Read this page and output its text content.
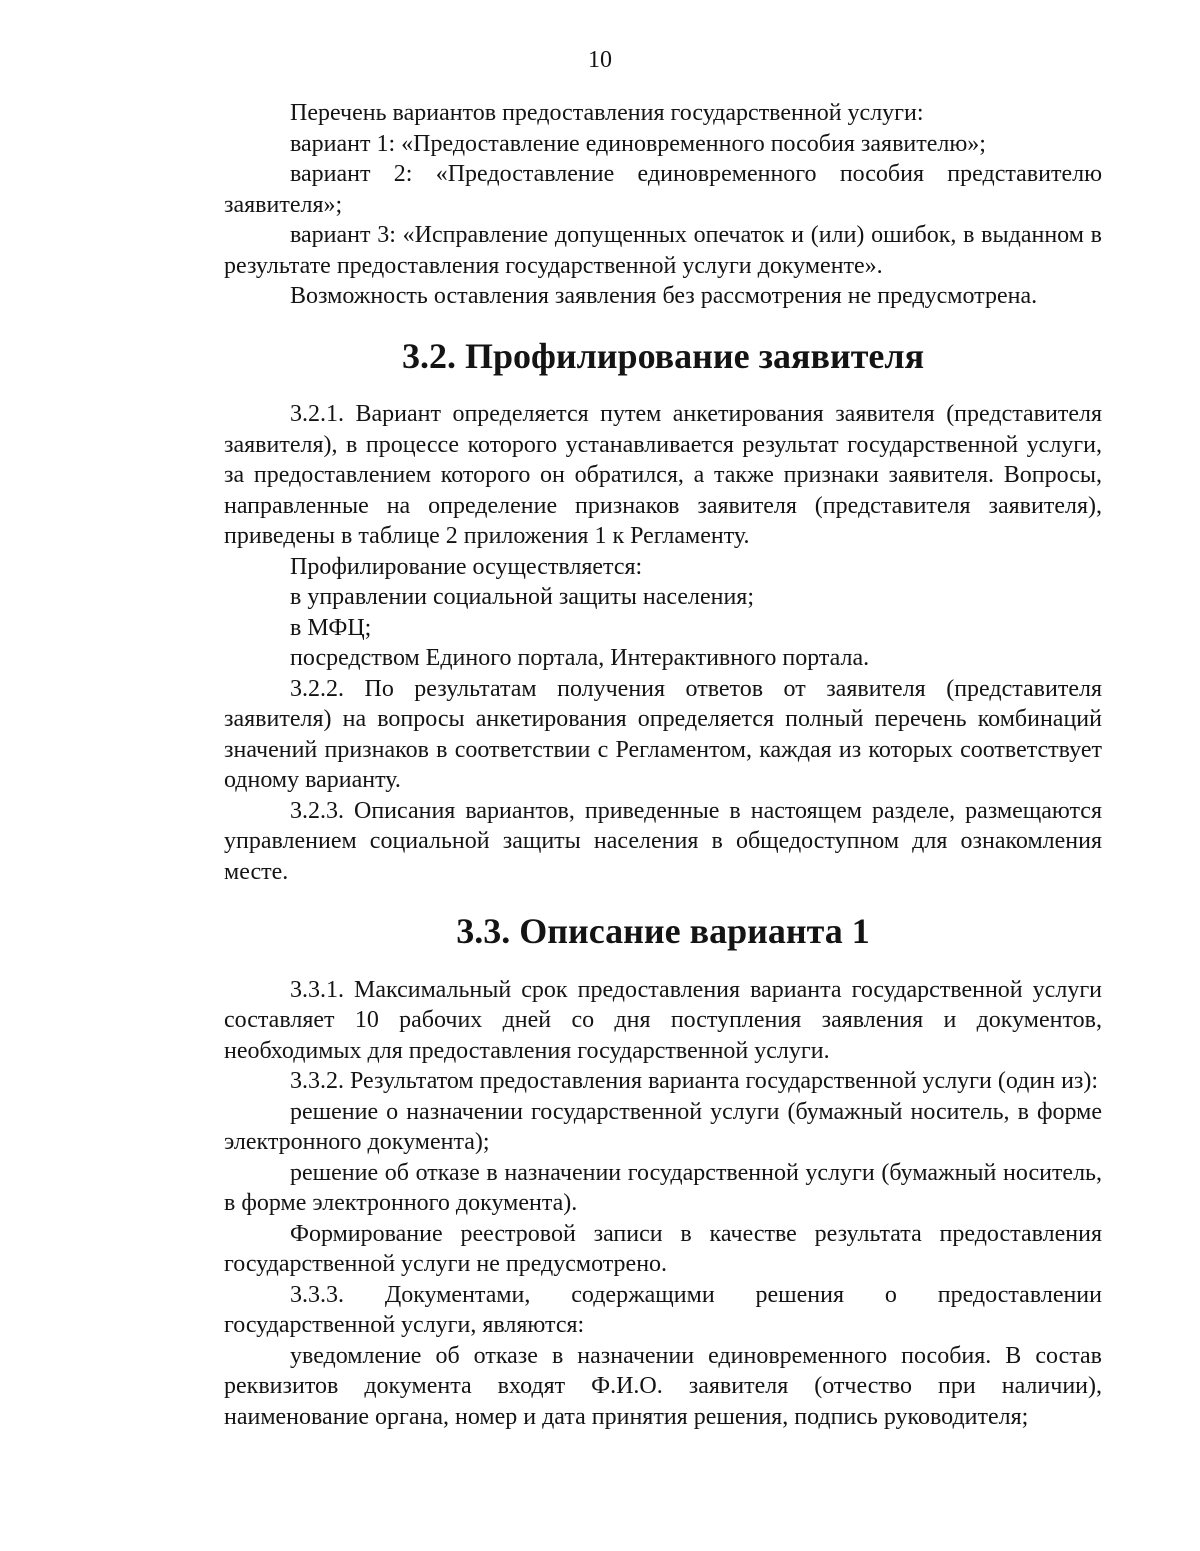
10

Перечень вариантов предоставления государственной услуги:

вариант 1: «Предоставление единовременного пособия заявителю»;

вариант 2: «Предоставление единовременного пособия представителю заявителя»;

вариант 3: «Исправление допущенных опечаток и (или) ошибок, в выданном в результате предоставления государственной услуги документе».

Возможность оставления заявления без рассмотрения не предусмотрена.

3.2. Профилирование заявителя

3.2.1. Вариант определяется путем анкетирования заявителя (представителя заявителя), в процессе которого устанавливается результат государственной услуги, за предоставлением которого он обратился, а также признаки заявителя. Вопросы, направленные на определение признаков заявителя (представителя заявителя), приведены в таблице 2 приложения 1 к Регламенту.

Профилирование осуществляется:

в управлении социальной защиты населения;

в МФЦ;

посредством Единого портала, Интерактивного портала.

3.2.2. По результатам получения ответов от заявителя (представителя заявителя) на вопросы анкетирования определяется полный перечень комбинаций значений признаков в соответствии с Регламентом, каждая из которых соответствует одному варианту.

3.2.3. Описания вариантов, приведенные в настоящем разделе, размещаются управлением социальной защиты населения в общедоступном для ознакомления месте.

3.3. Описание варианта 1

3.3.1. Максимальный срок предоставления варианта государственной услуги составляет 10 рабочих дней со дня поступления заявления и документов, необходимых для предоставления государственной услуги.

3.3.2. Результатом предоставления варианта государственной услуги (один из):

решение о назначении государственной услуги (бумажный носитель, в форме электронного документа);

решение об отказе в назначении государственной услуги (бумажный носитель, в форме электронного документа).

Формирование реестровой записи в качестве результата предоставления государственной услуги не предусмотрено.

3.3.3. Документами, содержащими решения о предоставлении государственной услуги, являются:

уведомление об отказе в назначении единовременного пособия. В состав реквизитов документа входят Ф.И.О. заявителя (отчество при наличии), наименование органа, номер и дата принятия решения, подпись руководителя;
